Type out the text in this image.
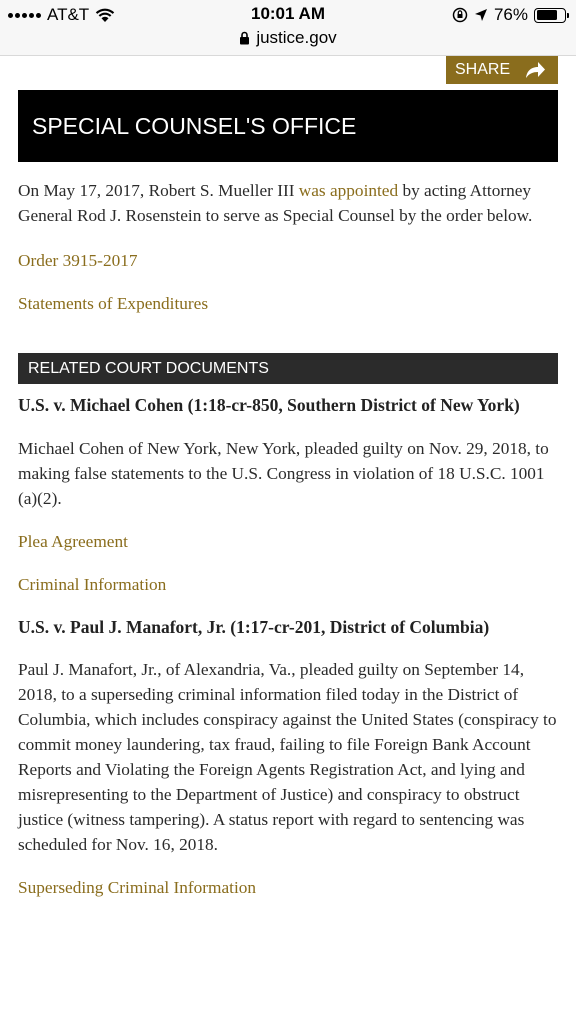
AT&T	10:01 AM	76%
justice.gov
SHARE
SPECIAL COUNSEL'S OFFICE

On May 17, 2017, Robert S. Mueller III was appointed by acting Attorney General Rod J. Rosenstein to serve as Special Counsel by the order below.

Order 3915-2017
Statements of Expenditures
RELATED COURT DOCUMENTS
U.S. v. Michael Cohen (1:18-cr-850, Southern District of New York)

Michael Cohen of New York, New York, pleaded guilty on Nov. 29, 2018, to making false statements to the U.S. Congress in violation of 18 U.S.C. 1001 (a)(2).

Plea Agreement
Criminal Information
U.S. v. Paul J. Manafort, Jr. (1:17-cr-201, District of Columbia)

Paul J. Manafort, Jr., of Alexandria, Va., pleaded guilty on September 14, 2018, to a superseding criminal information filed today in the District of Columbia, which includes conspiracy against the United States (conspiracy to commit money laundering, tax fraud, failing to file Foreign Bank Account Reports and Violating the Foreign Agents Registration Act, and lying and misrepresenting to the Department of Justice) and conspiracy to obstruct justice (witness tampering). A status report with regard to sentencing was scheduled for Nov. 16, 2018.

Superseding Criminal Information
